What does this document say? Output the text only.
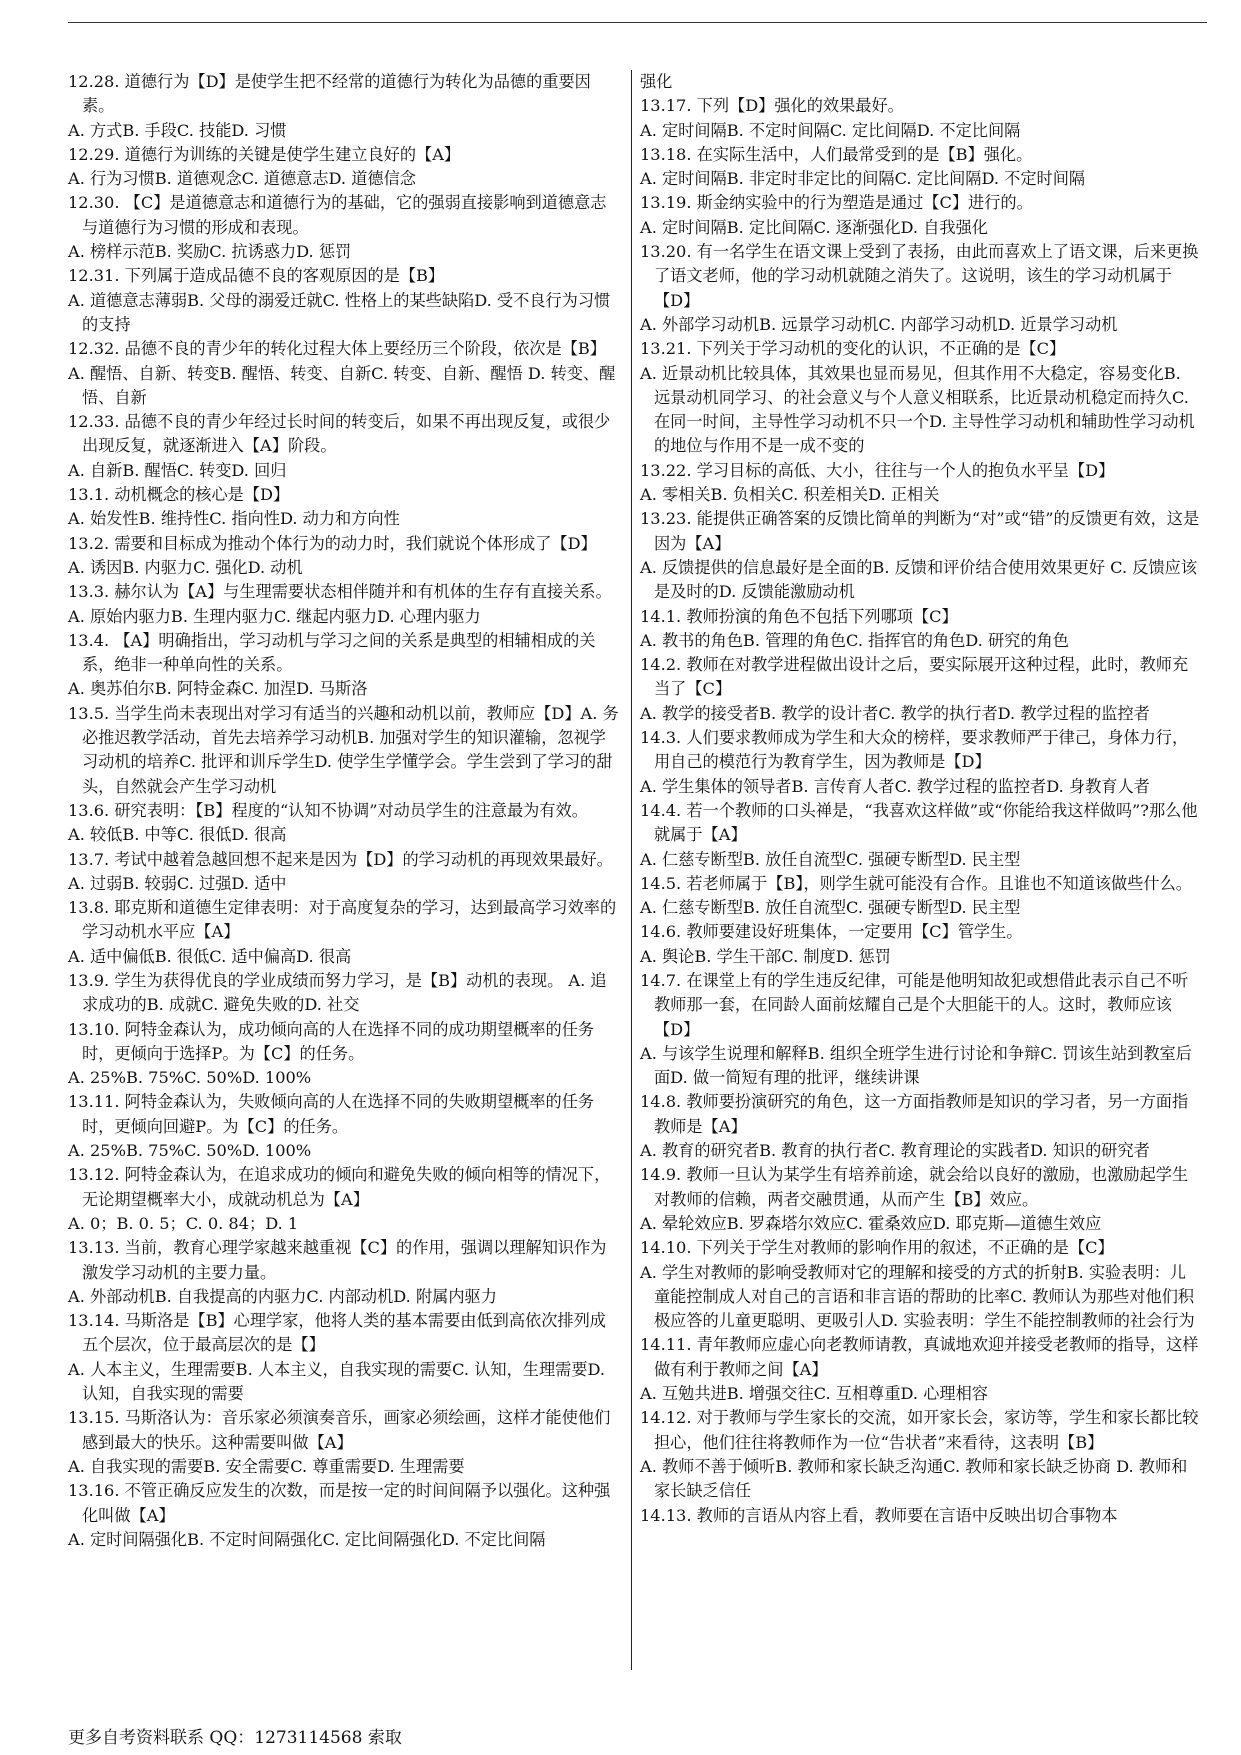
12.28. 道德行为【D】是使学生把不经常的道德行为转化为品德的重要因素。
A. 方式B. 手段C. 技能D. 习惯
12.29. 道德行为训练的关键是使学生建立良好的【A】
A. 行为习惯B. 道德观念C. 道德意志D. 道德信念
12.30. 【C】是道德意志和道德行为的基础，它的强弱直接影响到道德意志与道德行为习惯的形成和表现。
A. 榜样示范B. 奖励C. 抗诱惑力D. 惩罚
12.31. 下列属于造成品德不良的客观原因的是【B】
A. 道德意志薄弱B. 父母的溺爱迁就C. 性格上的某些缺陷D. 受不良行为习惯的支持
12.32. 品德不良的青少年的转化过程大体上要经历三个阶段，依次是【B】
A. 醒悟、自新、转变B. 醒悟、转变、自新C. 转变、自新、醒悟 D. 转变、醒悟、自新
12.33. 品德不良的青少年经过长时间的转变后，如果不再出现反复，或很少出现反复，就逐渐进入【A】阶段。
A. 自新B. 醒悟C. 转变D. 回归
13.1. 动机概念的核心是【D】
A. 始发性B. 维持性C. 指向性D. 动力和方向性
13.2. 需要和目标成为推动个体行为的动力时，我们就说个体形成了【D】
A. 诱因B. 内驱力C. 强化D. 动机
13.3. 赫尔认为【A】与生理需要状态相伴随并和有机体的生存有直接关系。
A. 原始内驱力B. 生理内驱力C. 继起内驱力D. 心理内驱力
13.4. 【A】明确指出，学习动机与学习之间的关系是典型的相辅相成的关系，绝非一种单向性的关系。
A. 奥苏伯尔B. 阿特金森C. 加涅D. 马斯洛
13.5. 当学生尚未表现出对学习有适当的兴趣和动机以前，教师应【D】A. 务必推迟教学活动，首先去培养学习动机B. 加强对学生的知识灌输，忽视学习动机的培养C. 批评和训斥学生D. 使学生学懂学会。学生尝到了学习的甜头，自然就会产生学习动机
13.6. 研究表明：【B】程度的“认知不协调”对动员学生的注意最为有效。
A. 较低B. 中等C. 很低D. 很高
13.7. 考试中越着急越回想不起来是因为【D】的学习动机的再现效果最好。
A. 过弱B. 较弱C. 过强D. 适中
13.8. 耶克斯和道德生定律表明：对于高度复杂的学习，达到最高学习效率的学习动机水平应【A】
A. 适中偏低B. 很低C. 适中偏高D. 很高
13.9. 学生为获得优良的学业成绩而努力学习，是【B】动机的表现。 A. 追求成功的B. 成就C. 避免失败的D. 社交
13.10. 阿特金森认为，成功倾向高的人在选择不同的成功期望概率的任务时，更倾向于选择P。为【C】的任务。
A. 25%B. 75%C. 50%D. 100%
13.11. 阿特金森认为，失败倾向高的人在选择不同的失败期望概率的任务时，更倾向回避P。为【C】的任务。
A. 25%B. 75%C. 50%D. 100%
13.12. 阿特金森认为，在追求成功的倾向和避免失败的倾向相等的情况下，无论期望概率大小，成就动机总为【A】
A. 0；B. 0. 5；C. 0. 84；D. 1
13.13. 当前，教育心理学家越来越重视【C】的作用，强调以理解知识作为激发学习动机的主要力量。
A. 外部动机B. 自我提高的内驱力C. 内部动机D. 附属内驱力
13.14. 马斯洛是【B】心理学家，他将人类的基本需要由低到高依次排列成五个层次，位于最高层次的是【】
A. 人本主义，生理需要B. 人本主义，自我实现的需要C. 认知，生理需要D. 认知，自我实现的需要
13.15. 马斯洛认为：音乐家必须演奏音乐，画家必须绘画，这样才能使他们感到最大的快乐。这种需要叫做【A】
A. 自我实现的需要B. 安全需要C. 尊重需要D. 生理需要
13.16. 不管正确反应发生的次数，而是按一定的时间间隔予以强化。这种强化叫做【A】
A. 定时间隔强化B. 不定时间隔强化C. 定比间隔强化D. 不定比间隔
强化
13.17. 下列【D】强化的效果最好。
A. 定时间隔B. 不定时间隔C. 定比间隔D. 不定比间隔
13.18. 在实际生活中，人们最常受到的是【B】强化。
A. 定时间隔B. 非定时非定比的间隔C. 定比间隔D. 不定时间隔
13.19. 斯金纳实验中的行为塑造是通过【C】进行的。
A. 定时间隔B. 定比间隔C. 逐渐强化D. 自我强化
13.20. 有一名学生在语文课上受到了表扬，由此而喜欢上了语文课，后来更换了语文老师，他的学习动机就随之消失了。这说明，该生的学习动机属于【D】
A. 外部学习动机B. 远景学习动机C. 内部学习动机D. 近景学习动机
13.21. 下列关于学习动机的变化的认识，不正确的是【C】
A. 近景动机比较具体，其效果也显而易见，但其作用不大稳定，容易变化B. 远景动机同学习、的社会意义与个人意义相联系，比近景动机稳定而持久C. 在同一时间，主导性学习动机不只一个D. 主导性学习动机和辅助性学习动机的地位与作用不是一成不变的
13.22. 学习目标的高低、大小，往往与一个人的抱负水平呈【D】
A. 零相关B. 负相关C. 积差相关D. 正相关
13.23. 能提供正确答案的反馈比简单的判断为“对”或“错”的反馈更有效，这是因为【A】
A. 反馈提供的信息最好是全面的B. 反馈和评价结合使用效果更好 C. 反馈应该是及时的D. 反馈能激励动机
14.1. 教师扮演的角色不包括下列哪项【C】
A. 教书的角色B. 管理的角色C. 指挥官的角色D. 研究的角色
14.2. 教师在对教学进程做出设计之后，要实际展开这种过程，此时，教师充当了【C】
A. 教学的接受者B. 教学的设计者C. 教学的执行者D. 教学过程的监控者
14.3. 人们要求教师成为学生和大众的榜样，要求教师严于律己，身体力行，用自己的模范行为教育学生，因为教师是【D】
A. 学生集体的领导者B. 言传育人者C. 教学过程的监控者D. 身教育人者
14.4. 若一个教师的口头禅是，“我喜欢这样做”或“你能给我这样做吗”?那么他就属于【A】
A. 仁慈专断型B. 放任自流型C. 强硬专断型D. 民主型
14.5. 若老师属于【B】，则学生就可能没有合作。且谁也不知道该做些什么。
A. 仁慈专断型B. 放任自流型C. 强硬专断型D. 民主型
14.6. 教师要建设好班集体，一定要用【C】管学生。
A. 舆论B. 学生干部C. 制度D. 惩罚
14.7. 在课堂上有的学生违反纪律，可能是他明知故犯或想借此表示自己不听教师那一套，在同龄人面前炫耀自己是个大胆能干的人。这时，教师应该【D】
A. 与该学生说理和解释B. 组织全班学生进行讨论和争辩C. 罚该生站到教室后面D. 做一简短有理的批评，继续讲课
14.8. 教师要扮演研究的角色，这一方面指教师是知识的学习者，另一方面指教师是【A】
A. 教育的研究者B. 教育的执行者C. 教育理论的实践者D. 知识的研究者
14.9. 教师一旦认为某学生有培养前途，就会给以良好的激励，也激励起学生对教师的信赖，两者交融贯通，从而产生【B】效应。
A. 晕轮效应B. 罗森塔尔效应C. 霍桑效应D. 耶克斯—道德生效应
14.10. 下列关于学生对教师的影响作用的叙述，不正确的是【C】
A. 学生对教师的影响受教师对它的理解和接受的方式的折射B. 实验表明：儿童能控制成人对自己的言语和非言语的帮助的比率C. 教师认为那些对他们积极应答的儿童更聪明、更吸引人D. 实验表明：学生不能控制教师的社会行为
14.11. 青年教师应虚心向老教师请教，真诚地欢迎并接受老教师的指导，这样做有利于教师之间【A】
A. 互勉共进B. 增强交往C. 互相尊重D. 心理相容
14.12. 对于教师与学生家长的交流，如开家长会，家访等，学生和家长都比较担心，他们往往将教师作为一位“告状者”来看待，这表明【B】
A. 教师不善于倾听B. 教师和家长缺乏沟通C. 教师和家长缺乏协商 D. 教师和家长缺乏信任
14.13. 教师的言语从内容上看，教师要在言语中反映出切合事物本
更多自考资料联系 QQ：1273114568 索取
